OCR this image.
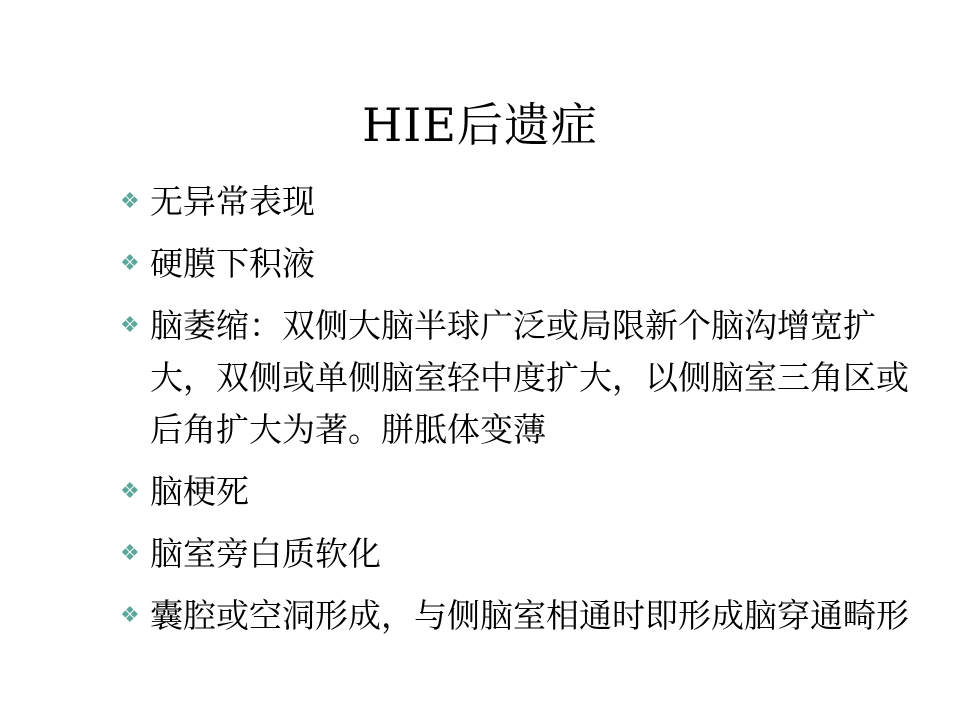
HIE后遗症
❖ 无异常表现
❖ 硬膜下积液
❖ 脑萎缩：双侧大脑半球广泛或局限新个脑沟增宽扩大，双侧或单侧脑室轻中度扩大，以侧脑室三角区或后角扩大为著。胼胝体变薄
❖ 脑梗死
❖ 脑室旁白质软化
❖ 囊腔或空洞形成，与侧脑室相通时即形成脑穿通畸形
